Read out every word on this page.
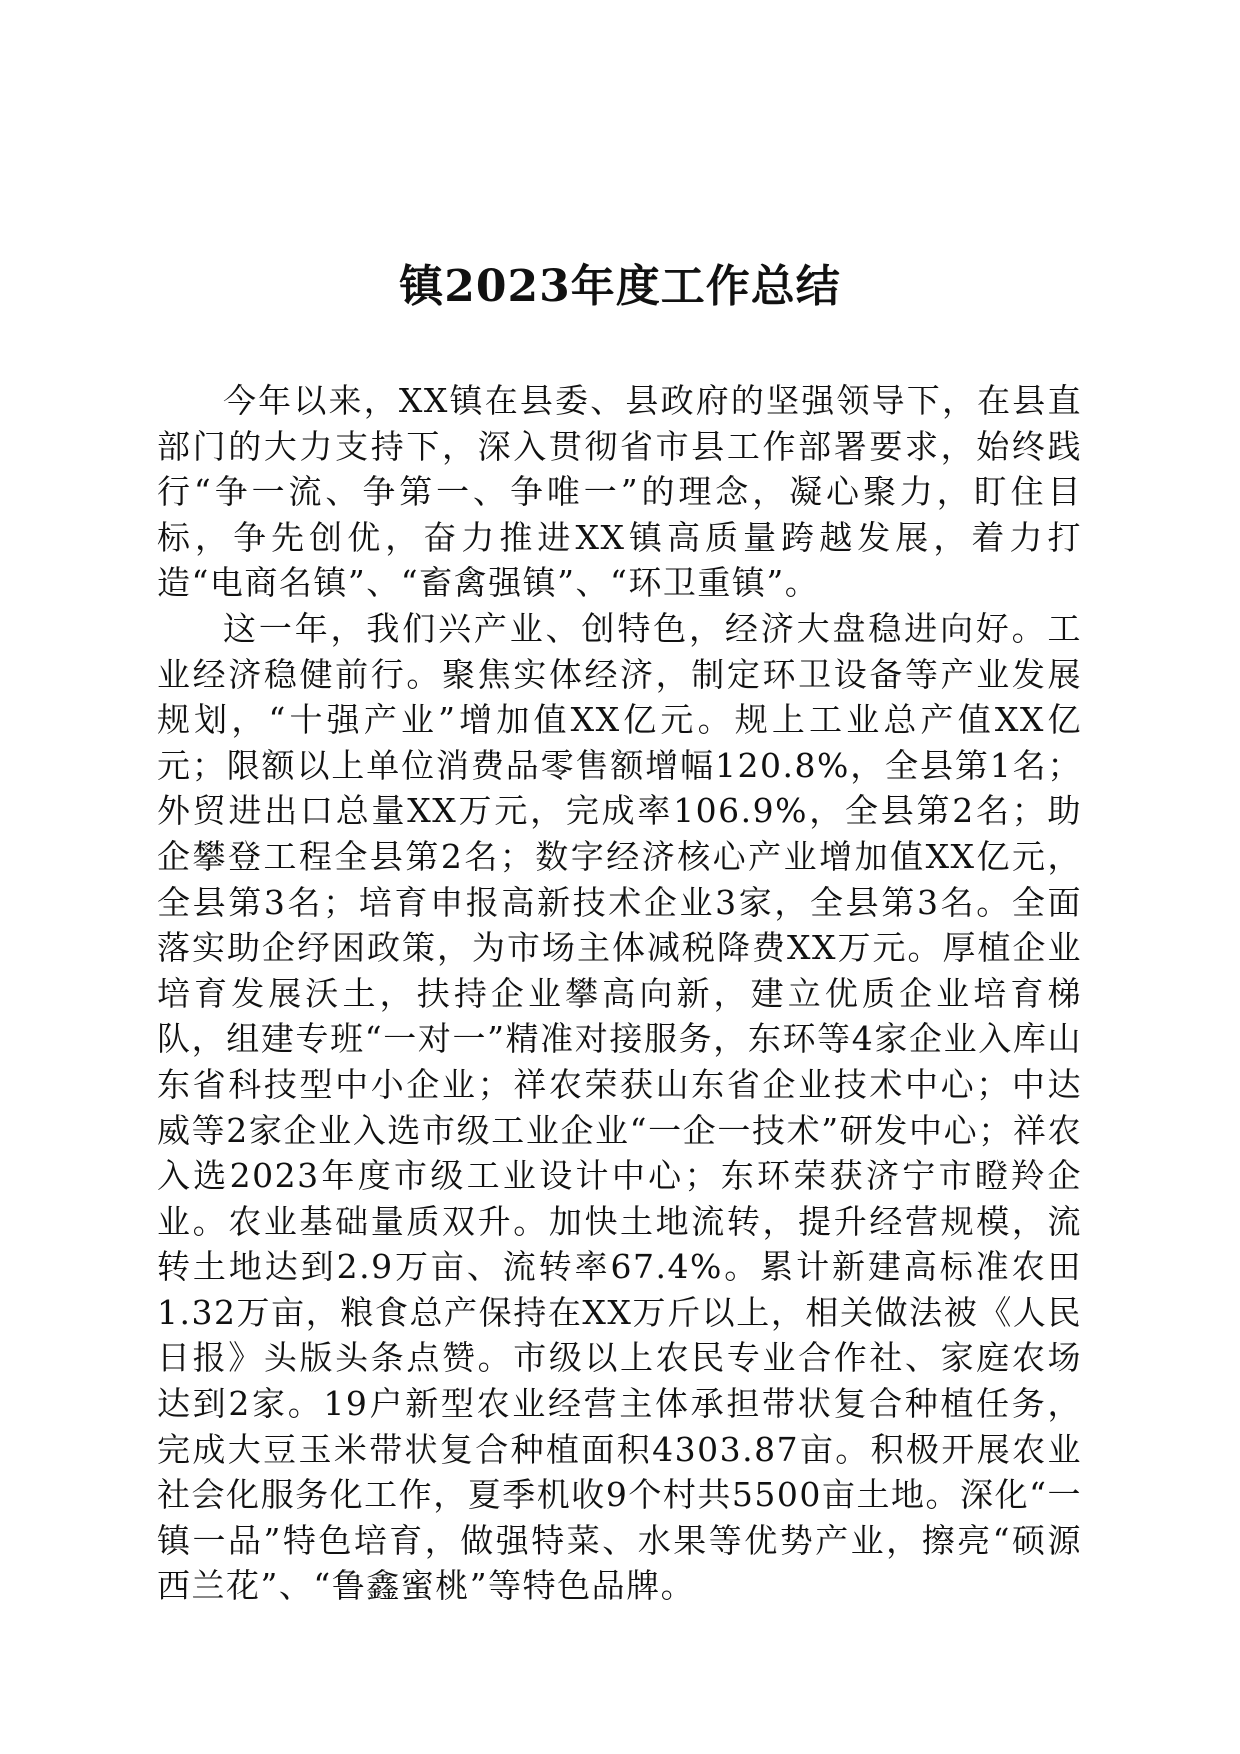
镇2023年度工作总结

今年以来，XX镇在县委、县政府的坚强领导下，在县直部门的大力支持下，深入贯彻省市县工作部署要求，始终践行“争一流、争第一、争唯一”的理念，凝心聚力，盯住目标，争先创优，奋力推进XX镇高质量跨越发展，着力打造“电商名镇”、“畜禽强镇”、“环卫重镇”。

这一年，我们兴产业、创特色，经济大盘稳进向好。工业经济稳健前行。聚焦实体经济，制定环卫设备等产业发展规划，“十强产业”增加值XX亿元。规上工业总产值XX亿元；限额以上单位消费品零售额增幅120.8%，全县第1名；外贸进出口总量XX万元，完成率106.9%，全县第2名；助企攀登工程全县第2名；数字经济核心产业增加值XX亿元，全县第3名；培育申报高新技术企业3家，全县第3名。全面落实助企纾困政策，为市场主体减税降费XX万元。厚植企业培育发展沃土，扶持企业攀高向新，建立优质企业培育梯队，组建专班“一对一”精准对接服务，东环等4家企业入库山东省科技型中小企业；祥农荣获山东省企业技术中心；中达威等2家企业入选市级工业企业“一企一技术”研发中心；祥农入选2023年度市级工业设计中心；东环荣获济宁市瞪羚企业。农业基础量质双升。加快土地流转，提升经营规模，流转土地达到2.9万亩、流转率67.4%。累计新建高标准农田1.32万亩，粮食总产保持在XX万斤以上，相关做法被《人民日报》头版头条点赞。市级以上农民专业合作社、家庭农场达到2家。19户新型农业经营主体承担带状复合种植任务，完成大豆玉米带状复合种植面积4303.87亩。积极开展农业社会化服务化工作，夏季机收9个村共5500亩土地。深化“一镇一品”特色培育，做强特菜、水果等优势产业，擦亮“硕源西兰花”、“鲁鑫蜜桃”等特色品牌。
